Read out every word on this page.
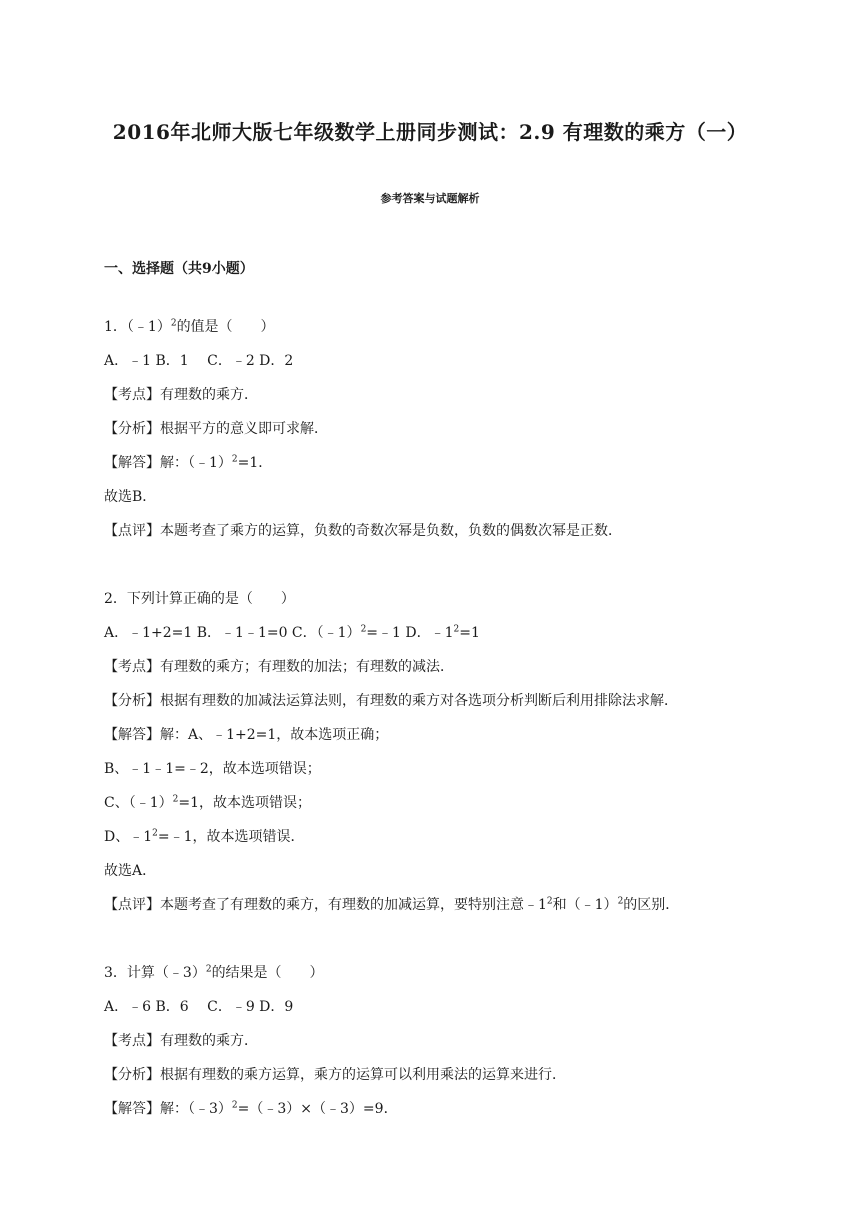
2016年北师大版七年级数学上册同步测试：2.9 有理数的乘方（一）
参考答案与试题解析
一、选择题（共9小题）
1．（﹣1）$^2$的值是（　　）
A．﹣1 B．1　 C．﹣2 D．2
【考点】有理数的乘方．
【分析】根据平方的意义即可求解．
【解答】解：（﹣1）$^2$=1．
故选B．
【点评】本题考查了乘方的运算，负数的奇数次幂是负数，负数的偶数次幂是正数．
2．下列计算正确的是（　　）
A．﹣1+2=1 B．﹣1﹣1=0 C．（﹣1）$^2$=﹣1 D．$﹣1^2=1$
【考点】有理数的乘方；有理数的加法；有理数的减法．
【分析】根据有理数的加减法运算法则，有理数的乘方对各选项分析判断后利用排除法求解．
【解答】解：A、﹣1+2=1，故本选项正确；
B、﹣1﹣1=﹣2，故本选项错误；
C、（﹣1）$^2$=1，故本选项错误；
D、$﹣1^2=﹣1$，故本选项错误．
故选A．
【点评】本题考查了有理数的乘方，有理数的加减运算，要特别注意$﹣1^2$和（﹣1）$^2$的区别．
3．计算（﹣3）$^2$的结果是（　　）
A．﹣6 B．6　 C．﹣9 D．9
【考点】有理数的乘方．
【分析】根据有理数的乘方运算，乘方的运算可以利用乘法的运算来进行．
【解答】解：（﹣3）$^2$=（﹣3）×（﹣3）=9．
